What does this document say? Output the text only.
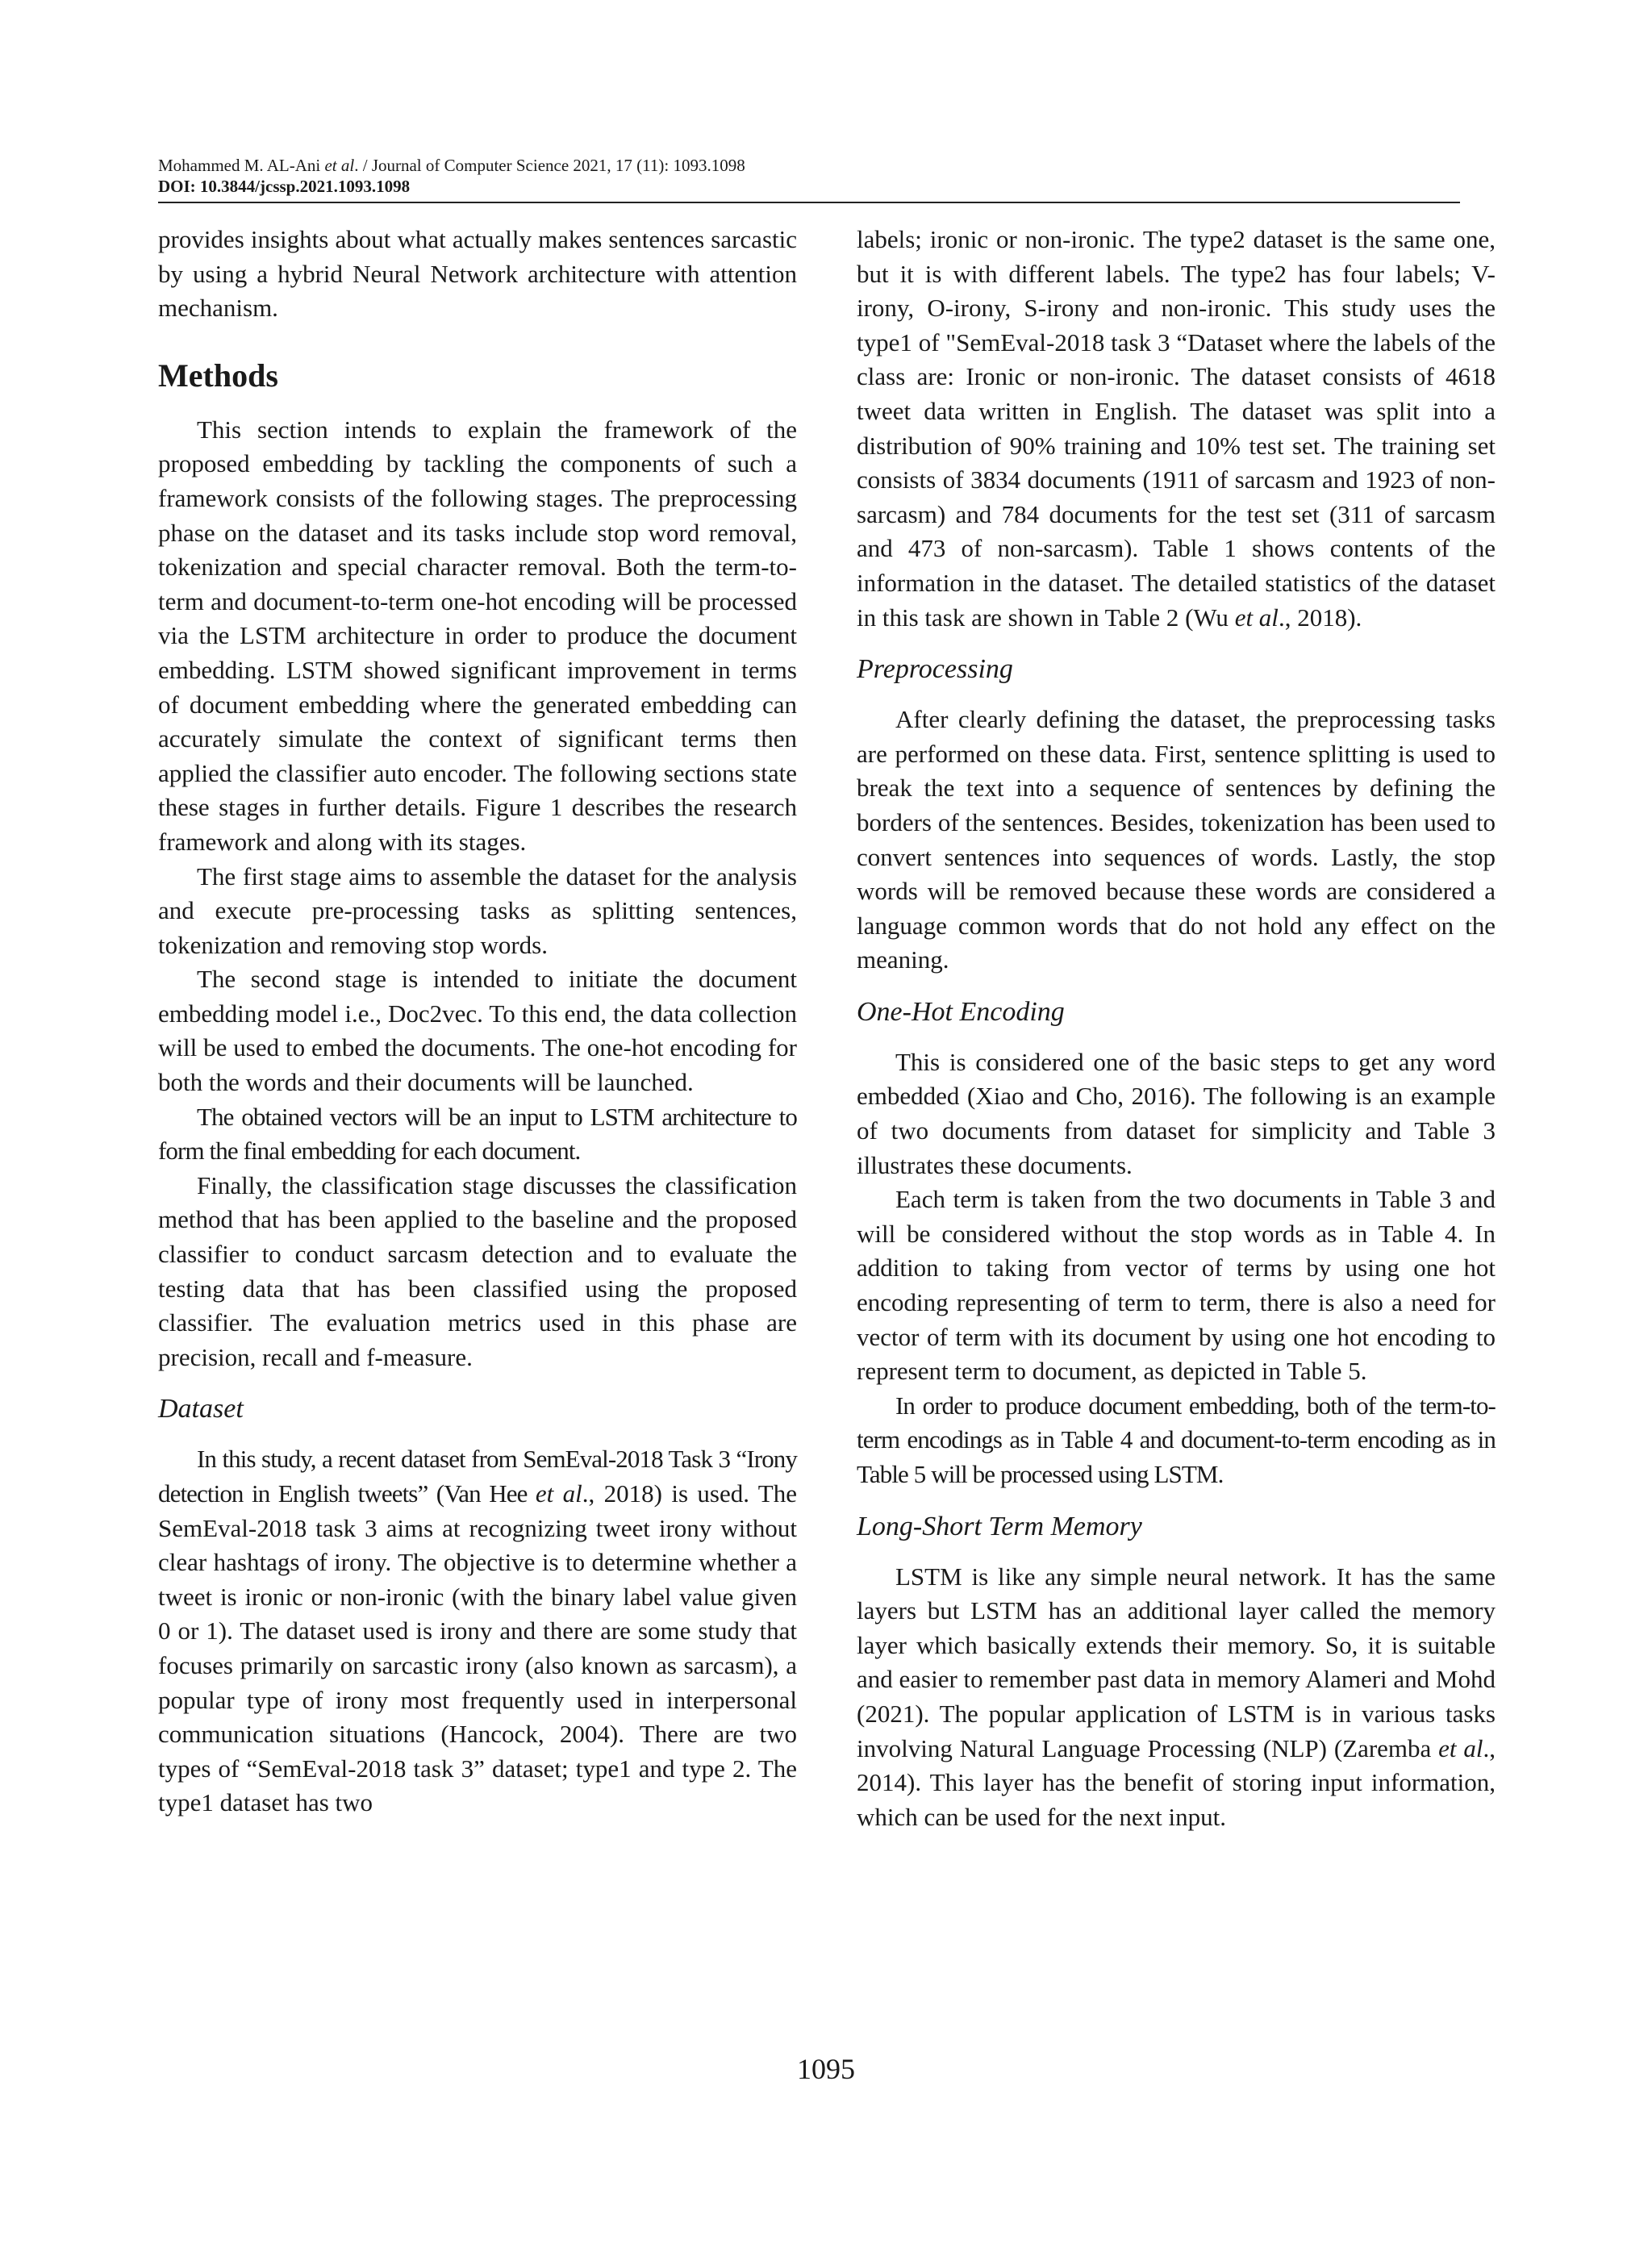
Mohammed M. AL-Ani et al. / Journal of Computer Science 2021, 17 (11): 1093.1098
DOI: 10.3844/jcssp.2021.1093.1098

provides insights about what actually makes sentences sarcastic by using a hybrid Neural Network architecture with attention mechanism.

Methods

This section intends to explain the framework of the proposed embedding by tackling the components of such a framework consists of the following stages. The preprocessing phase on the dataset and its tasks include stop word removal, tokenization and special character removal. Both the term-to-term and document-to-term one-hot encoding will be processed via the LSTM architecture in order to produce the document embedding. LSTM showed significant improvement in terms of document embedding where the generated embedding can accurately simulate the context of significant terms then applied the classifier auto encoder. The following sections state these stages in further details. Figure 1 describes the research framework and along with its stages.

The first stage aims to assemble the dataset for the analysis and execute pre-processing tasks as splitting sentences, tokenization and removing stop words.

The second stage is intended to initiate the document embedding model i.e., Doc2vec. To this end, the data collection will be used to embed the documents. The one-hot encoding for both the words and their documents will be launched.

The obtained vectors will be an input to LSTM architecture to form the final embedding for each document.

Finally, the classification stage discusses the classification method that has been applied to the baseline and the proposed classifier to conduct sarcasm detection and to evaluate the testing data that has been classified using the proposed classifier. The evaluation metrics used in this phase are precision, recall and f-measure.

Dataset

In this study, a recent dataset from SemEval-2018 Task 3 “Irony detection in English tweets” (Van Hee et al., 2018) is used. The SemEval-2018 task 3 aims at recognizing tweet irony without clear hashtags of irony. The objective is to determine whether a tweet is ironic or non-ironic (with the binary label value given 0 or 1). The dataset used is irony and there are some study that focuses primarily on sarcastic irony (also known as sarcasm), a popular type of irony most frequently used in interpersonal communication situations (Hancock, 2004). There are two types of “SemEval-2018 task 3” dataset; type1 and type 2. The type1 dataset has two

labels; ironic or non-ironic. The type2 dataset is the same one, but it is with different labels. The type2 has four labels; V-irony, O-irony, S-irony and non-ironic. This study uses the type1 of "SemEval-2018 task 3 “Dataset where the labels of the class are: Ironic or non-ironic. The dataset consists of 4618 tweet data written in English. The dataset was split into a distribution of 90% training and 10% test set. The training set consists of 3834 documents (1911 of sarcasm and 1923 of non-sarcasm) and 784 documents for the test set (311 of sarcasm and 473 of non-sarcasm). Table 1 shows contents of the information in the dataset. The detailed statistics of the dataset in this task are shown in Table 2 (Wu et al., 2018).

Preprocessing

After clearly defining the dataset, the preprocessing tasks are performed on these data. First, sentence splitting is used to break the text into a sequence of sentences by defining the borders of the sentences. Besides, tokenization has been used to convert sentences into sequences of words. Lastly, the stop words will be removed because these words are considered a language common words that do not hold any effect on the meaning.

One-Hot Encoding

This is considered one of the basic steps to get any word embedded (Xiao and Cho, 2016). The following is an example of two documents from dataset for simplicity and Table 3 illustrates these documents.

Each term is taken from the two documents in Table 3 and will be considered without the stop words as in Table 4. In addition to taking from vector of terms by using one hot encoding representing of term to term, there is also a need for vector of term with its document by using one hot encoding to represent term to document, as depicted in Table 5.

In order to produce document embedding, both of the term-to-term encodings as in Table 4 and document-to-term encoding as in Table 5 will be processed using LSTM.

Long-Short Term Memory

LSTM is like any simple neural network. It has the same layers but LSTM has an additional layer called the memory layer which basically extends their memory. So, it is suitable and easier to remember past data in memory Alameri and Mohd (2021). The popular application of LSTM is in various tasks involving Natural Language Processing (NLP) (Zaremba et al., 2014). This layer has the benefit of storing input information, which can be used for the next input.

1095
